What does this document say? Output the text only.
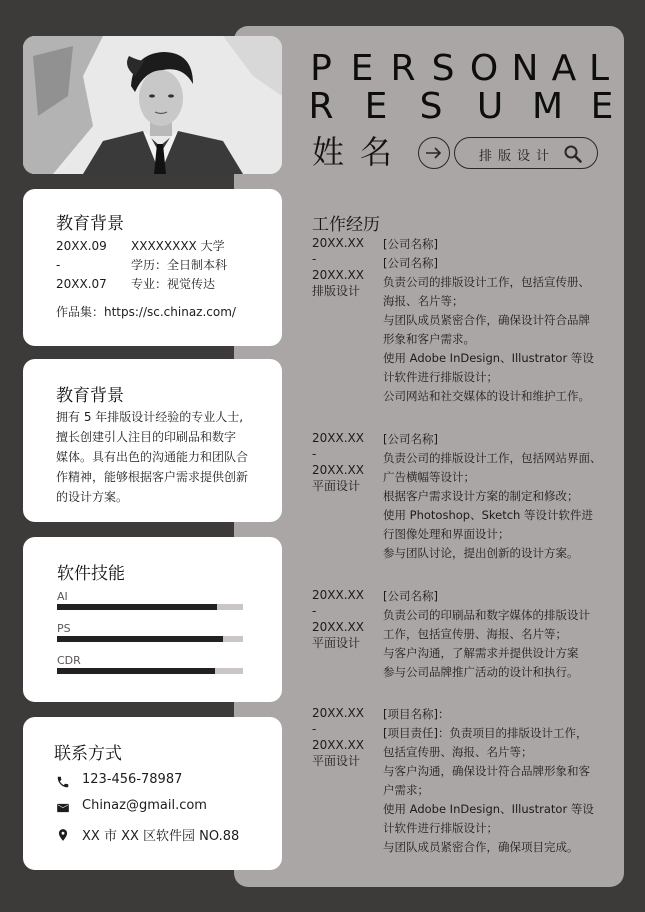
P E R S O N A L
R E S U M E
姓名	排版设计
教育背景
20XX.09
-
20XX.07
XXXXXXXX 大学
学历：全日制本科
专业：视觉传达
作品集：https://sc.chinaz.com/
教育背景
拥有 5 年排版设计经验的专业人士,
擅长创建引人注目的印刷品和数字
媒体。具有出色的沟通能力和团队合
作精神，能够根据客户需求提供创新
的设计方案。
软件技能
AI
PS
CDR
联系方式
123-456-78987
Chinaz@gmail.com
XX 市 XX 区软件园 NO.88
工作经历
20XX.XX
-
20XX.XX
排版设计
[公司名称]
[公司名称]
负责公司的排版设计工作，包括宣传册、
海报、名片等；
与团队成员紧密合作，确保设计符合品牌
形象和客户需求。
使用 Adobe InDesign、Illustrator 等设
计软件进行排版设计；
公司网站和社交媒体的设计和维护工作。
20XX.XX
-
20XX.XX
平面设计
[公司名称]
负责公司的排版设计工作，包括网站界面、
广告横幅等设计；
根据客户需求设计方案的制定和修改；
使用 Photoshop、Sketch 等设计软件进
行图像处理和界面设计；
参与团队讨论，提出创新的设计方案。
20XX.XX
-
20XX.XX
平面设计
[公司名称]
负责公司的印刷品和数字媒体的排版设计
工作，包括宣传册、海报、名片等；
与客户沟通，了解需求并提供设计方案
参与公司品牌推广活动的设计和执行。
20XX.XX
-
20XX.XX
平面设计
[项目名称]：
[项目责任]：负责项目的排版设计工作，
包括宣传册、海报、名片等；
与客户沟通，确保设计符合品牌形象和客
户需求；
使用 Adobe InDesign、Illustrator 等设
计软件进行排版设计；
与团队成员紧密合作，确保项目完成。
